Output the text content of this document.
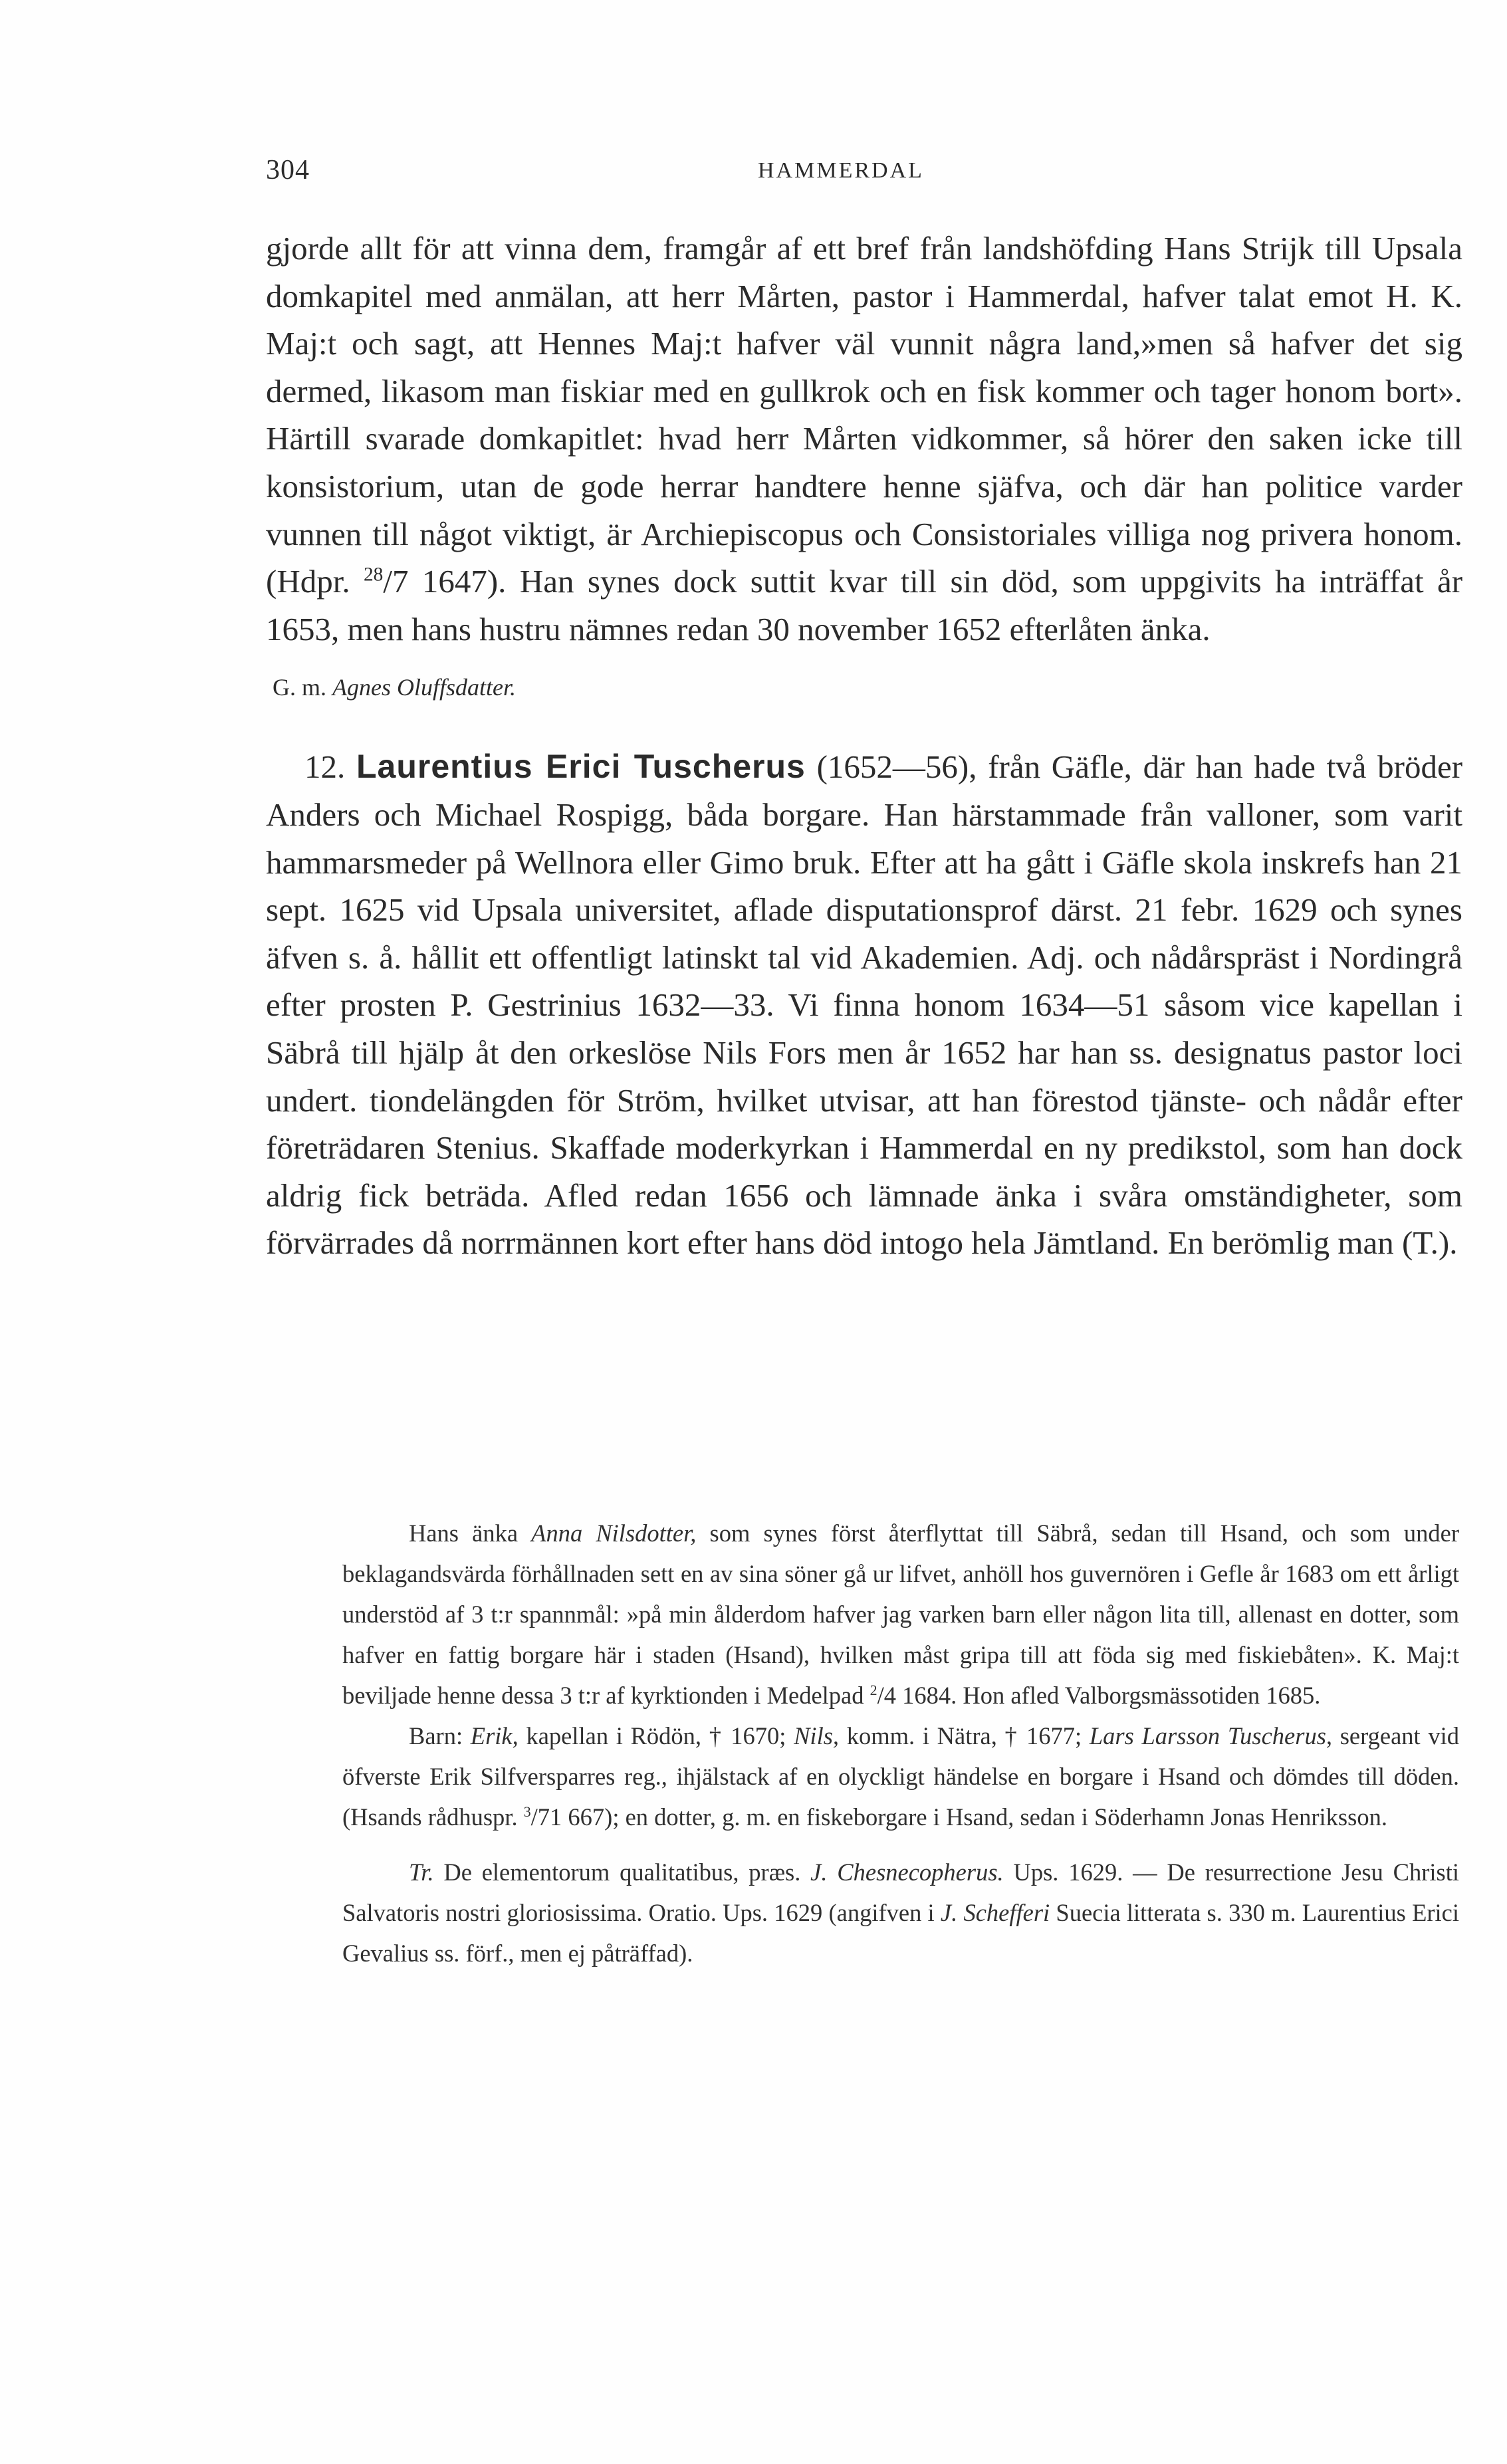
304	HAMMERDAL

gjorde allt för att vinna dem, framgår af ett bref från landshöfding Hans Strijk till Upsala domkapitel med anmälan, att herr Mårten, pastor i Hammerdal, hafver talat emot H. K. Maj:t och sagt, att Hennes Maj:t hafver väl vunnit några land,»men så hafver det sig dermed, likasom man fiskiar med en gullkrok och en fisk kommer och tager honom bort». Härtill svarade domkapitlet: hvad herr Mårten vidkommer, så hörer den saken icke till konsistorium, utan de gode herrar handtere henne sjäfva, och där han politice varder vunnen till något viktigt, är Archiepiscopus och Consistoriales villiga nog privera honom. (Hdpr. $^{28}$/7 1647). Han synes dock suttit kvar till sin död, som uppgivits ha inträffat år 1653, men hans hustru nämnes redan 30 november 1652 efterlåten änka.

G. m. Agnes Oluffsdatter.

12. Laurentius Erici Tuscherus (1652—56), från Gäfle, där han hade två bröder Anders och Michael Rospigg, båda borgare. Han härstammade från valloner, som varit hammarsmeder på Wellnora eller Gimo bruk. Efter att ha gått i Gäfle skola inskrefs han 21 sept. 1625 vid Upsala universitet, aflade disputationsprof därst. 21 febr. 1629 och synes äfven s. å. hållit ett offentligt latinskt tal vid Akademien. Adj. och nådårspräst i Nordingrå efter prosten P. Gestrinius 1632—33. Vi finna honom 1634—51 såsom vice kapellan i Säbrå till hjälp åt den orkeslöse Nils Fors men år 1652 har han ss. designatus pastor loci undert. tiondelängden för Ström, hvilket utvisar, att han förestod tjänste- och nådår efter företrädaren Stenius. Skaffade moderkyrkan i Hammerdal en ny predikstol, som han dock aldrig fick beträda. Afled redan 1656 och lämnade änka i svåra omständigheter, som förvärrades då norrmännen kort efter hans död intogo hela Jämtland. En berömlig man (T.).

Hans änka Anna Nilsdotter, som synes först återflyttat till Säbrå, sedan till Hsand, och som under beklagandsvärda förhållnaden sett en av sina söner gå ur lifvet, anhöll hos guvernören i Gefle år 1683 om ett årligt understöd af 3 t:r spannmål: »på min ålderdom hafver jag varken barn eller någon lita till, allenast en dotter, som hafver en fattig borgare här i staden (Hsand), hvilken måst gripa till att föda sig med fiskiebåten». K. Maj:t beviljade henne dessa 3 t:r af kyrktionden i Medelpad $^2$/4 1684. Hon afled Valborgsmässotiden 1685.

Barn: Erik, kapellan i Rödön, † 1670; Nils, komm. i Nätra, † 1677; Lars Larsson Tuscherus, sergeant vid öfverste Erik Silfversparres reg., ihjälstack af en olyckligt händelse en borgare i Hsand och dömdes till döden. (Hsands rådhuspr. $^3$/71 667); en dotter, g. m. en fiskeborgare i Hsand, sedan i Söderhamn Jonas Henriksson.

Tr. De elementorum qualitatibus, præs. J. Chesnecopherus. Ups. 1629. — De resurrectione Jesu Christi Salvatoris nostri gloriosissima. Oratio. Ups. 1629 (angifven i J. Schefferi Suecia litterata s. 330 m. Laurentius Erici Gevalius ss. förf., men ej påträffad).
